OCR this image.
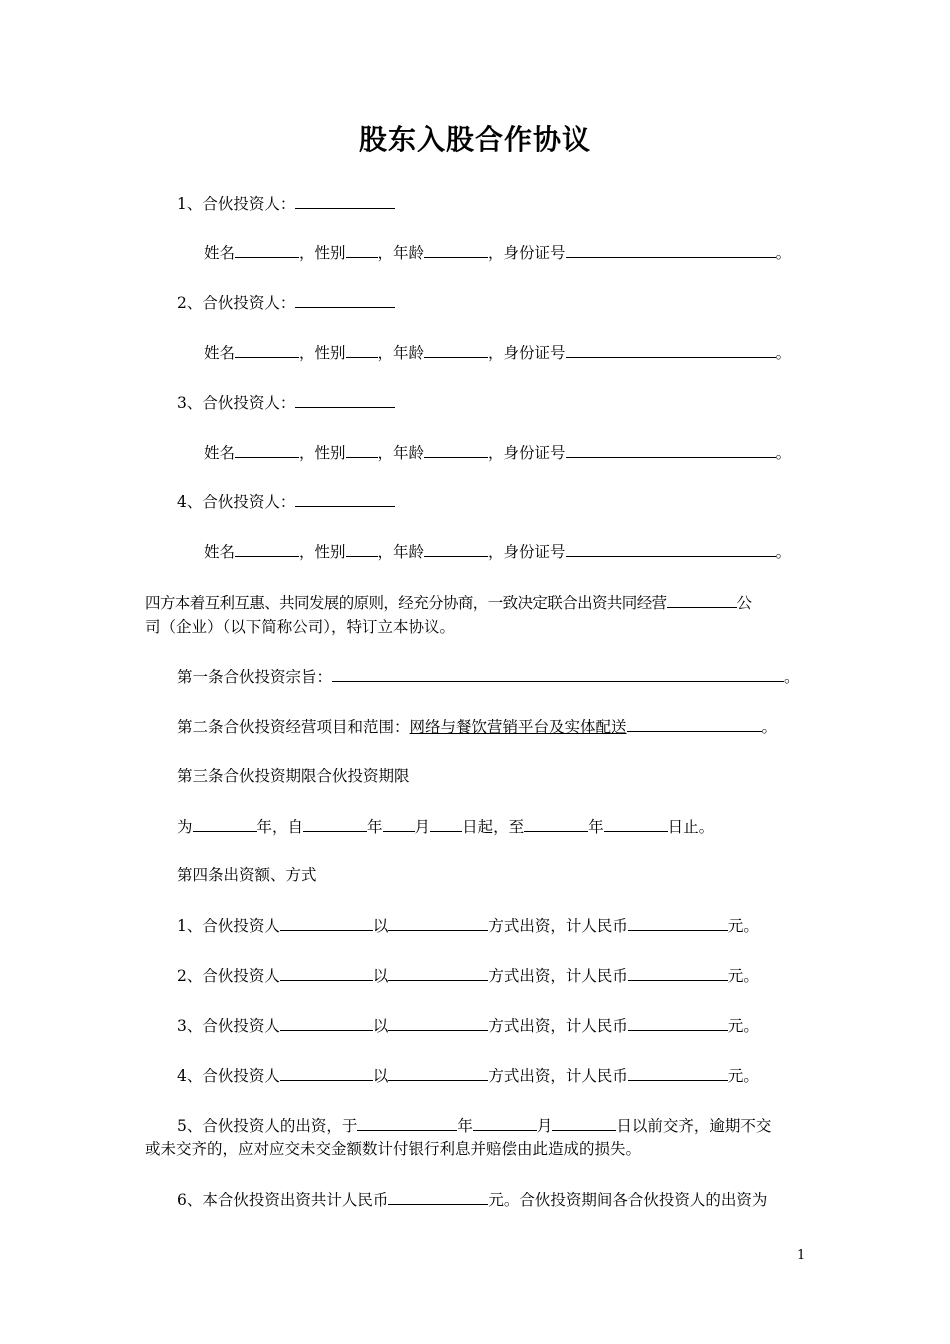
股东入股合作协议
1、合伙投资人：
姓名	，性别 ，年龄	，身份证号	。
2、合伙投资人：
姓名	，性别 ，年龄	，身份证号	。
3、合伙投资人：
姓名	，性别 ，年龄	，身份证号	。
4、合伙投资人：
姓名	，性别 ，年龄	，身份证号	。
四方本着互利互惠、共同发展的原则，经充分协商，一致决定联合出资共同经营	公
司（企业）（以下简称公司），特订立本协议。
第一条合伙投资宗旨：	。
第二条合伙投资经营项目和范围：网络与餐饮营销平台及实体配送	。
第三条合伙投资期限合伙投资期限
为	年，自	年 月 日起，至	年	日止。
第四条出资额、方式
1、合伙投资人	以	方式出资，计人民币	元。
2、合伙投资人	以	方式出资，计人民币	元。
3、合伙投资人	以	方式出资，计人民币	元。
4、合伙投资人	以	方式出资，计人民币	元。
5、合伙投资人的出资，于	年	月	日以前交齐，逾期不交
或未交齐的，应对应交未交金额数计付银行利息并赔偿由此造成的损失。
6、本合伙投资出资共计人民币	元。合伙投资期间各合伙投资人的出资为
1
